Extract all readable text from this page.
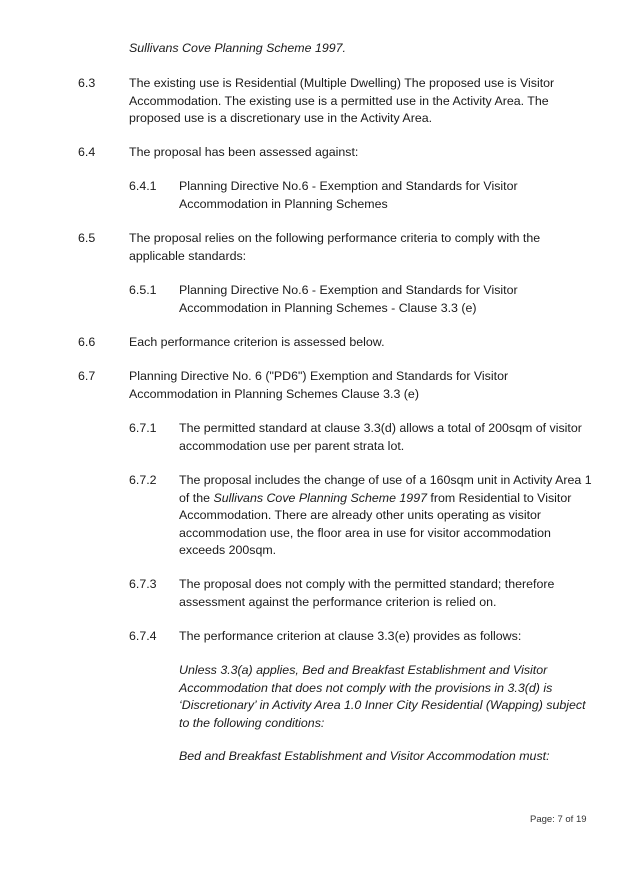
Sullivans Cove Planning Scheme 1997.

6.3	The existing use is Residential (Multiple Dwelling) The proposed use is Visitor Accommodation. The existing use is a permitted use in the Activity Area. The proposed use is a discretionary use in the Activity Area.

6.4	The proposal has been assessed against:

6.4.1 Planning Directive No.6 - Exemption and Standards for Visitor Accommodation in Planning Schemes

6.5	The proposal relies on the following performance criteria to comply with the applicable standards:

6.5.1 Planning Directive No.6 - Exemption and Standards for Visitor Accommodation in Planning Schemes - Clause 3.3 (e)

6.6	Each performance criterion is assessed below.

6.7	Planning Directive No. 6 ("PD6") Exemption and Standards for Visitor Accommodation in Planning Schemes Clause 3.3 (e)

6.7.1 The permitted standard at clause 3.3(d) allows a total of 200sqm of visitor accommodation use per parent strata lot.

6.7.2 The proposal includes the change of use of a 160sqm unit in Activity Area 1 of the Sullivans Cove Planning Scheme 1997 from Residential to Visitor Accommodation. There are already other units operating as visitor accommodation use, the floor area in use for visitor accommodation exceeds 200sqm.

6.7.3 The proposal does not comply with the permitted standard; therefore assessment against the performance criterion is relied on.

6.7.4 The performance criterion at clause 3.3(e) provides as follows:

Unless 3.3(a) applies, Bed and Breakfast Establishment and Visitor Accommodation that does not comply with the provisions in 3.3(d) is ‘Discretionary’ in Activity Area 1.0 Inner City Residential (Wapping) subject to the following conditions:

Bed and Breakfast Establishment and Visitor Accommodation must:

Page: 7 of 19
